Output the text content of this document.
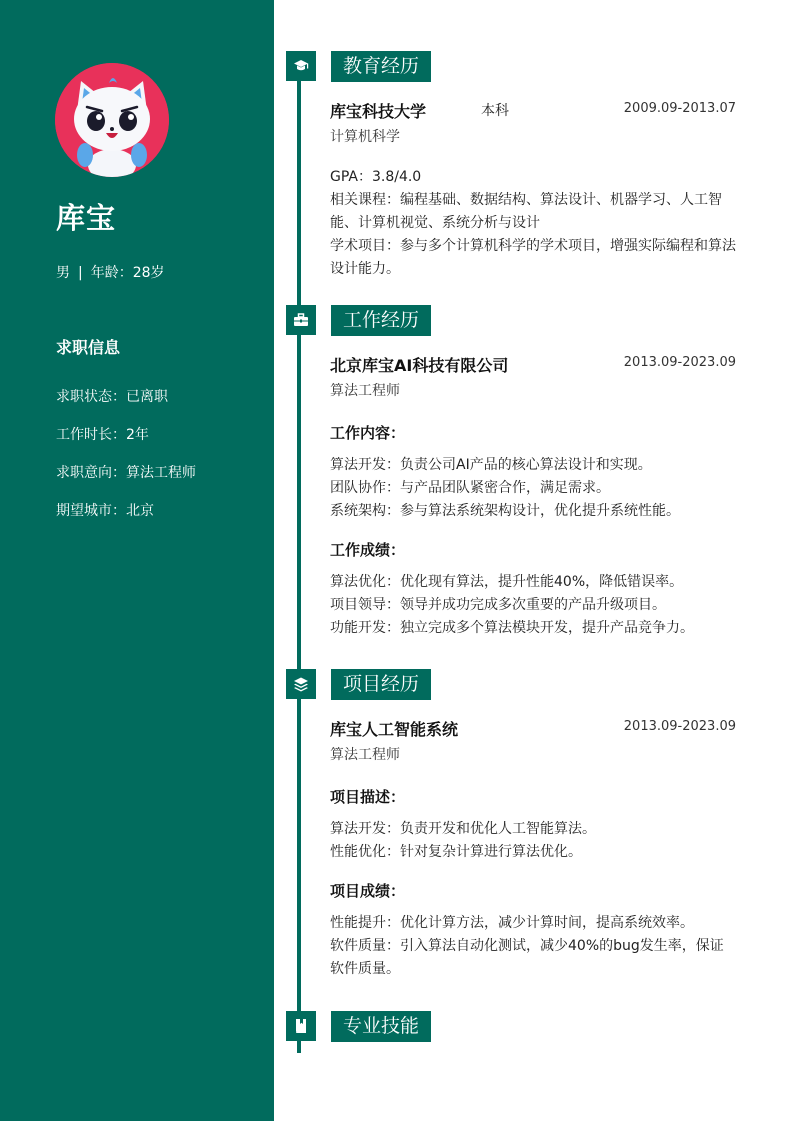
库宝
男 | 年龄：28岁
求职信息
求职状态：已离职
工作时长：2年
求职意向：算法工程师
期望城市：北京
教育经历
库宝科技大学	本科	2009.09-2013.07
计算机科学
GPA：3.8/4.0
相关课程：编程基础、数据结构、算法设计、机器学习、人工智能、计算机视觉、系统分析与设计
学术项目：参与多个计算机科学的学术项目，增强实际编程和算法设计能力。
工作经历
北京库宝AI科技有限公司	2013.09-2023.09
算法工程师
工作内容：
算法开发：负责公司AI产品的核心算法设计和实现。
团队协作：与产品团队紧密合作，满足需求。
系统架构：参与算法系统架构设计，优化提升系统性能。
工作成绩：
算法优化：优化现有算法，提升性能40%，降低错误率。
项目领导：领导并成功完成多次重要的产品升级项目。
功能开发：独立完成多个算法模块开发，提升产品竞争力。
项目经历
库宝人工智能系统	2013.09-2023.09
算法工程师
项目描述：
算法开发：负责开发和优化人工智能算法。
性能优化：针对复杂计算进行算法优化。
项目成绩：
性能提升：优化计算方法，减少计算时间，提高系统效率。
软件质量：引入算法自动化测试，减少40%的bug发生率，保证软件质量。
专业技能
